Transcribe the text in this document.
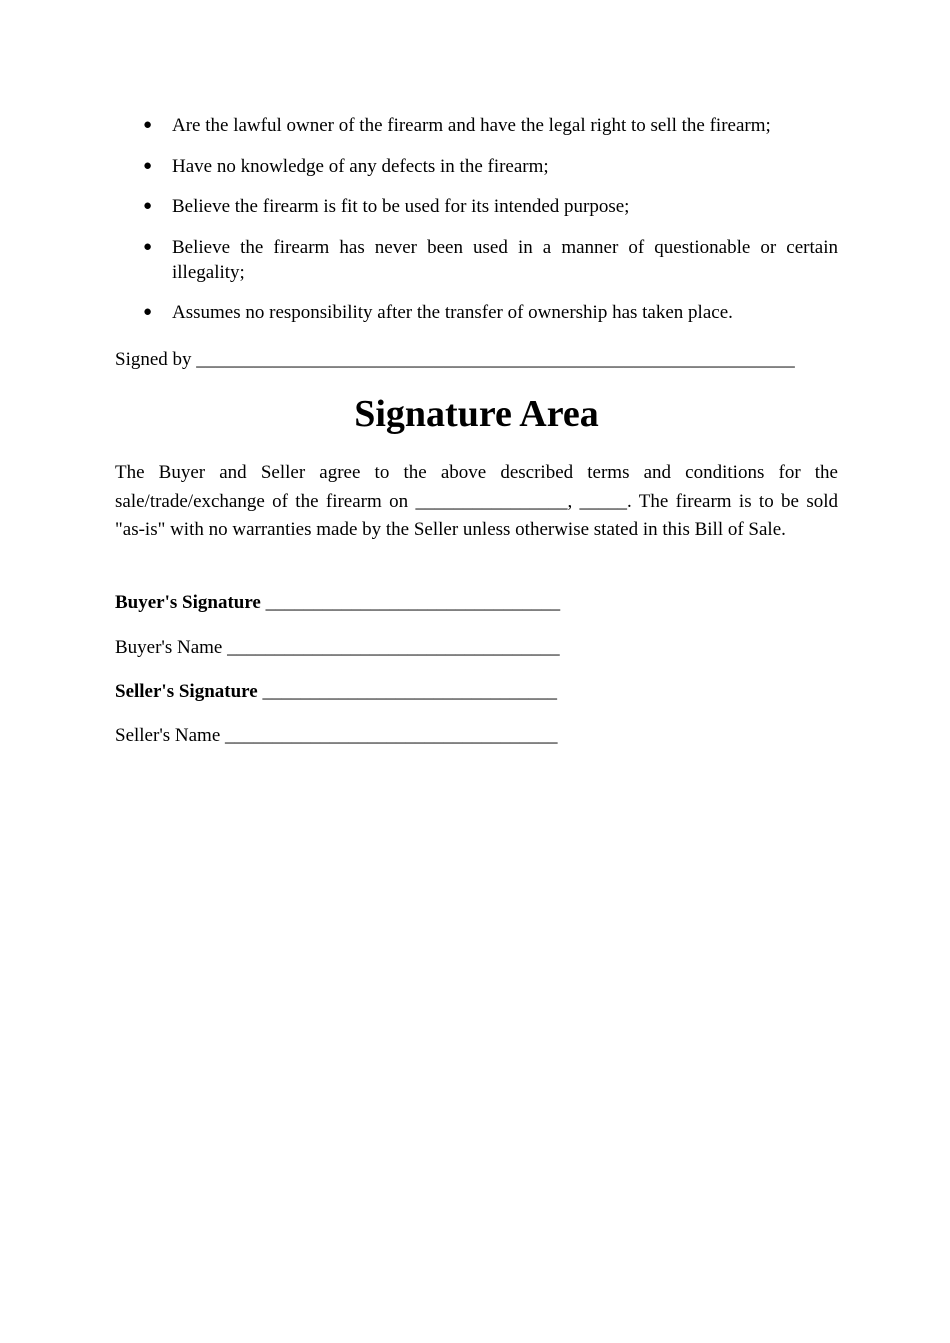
● Are the lawful owner of the firearm and have the legal right to sell the firearm;
● Have no knowledge of any defects in the firearm;
● Believe the firearm is fit to be used for its intended purpose;
● Believe the firearm has never been used in a manner of questionable or certain illegality;
● Assumes no responsibility after the transfer of ownership has taken place.
Signed by _______________________________________________________________
Signature Area

The Buyer and Seller agree to the above described terms and conditions for the sale/trade/exchange of the firearm on ________________, _____. The firearm is to be sold "as-is" with no warranties made by the Seller unless otherwise stated in this Bill of Sale.

Buyer's Signature _______________________________
Buyer's Name ___________________________________
Seller's Signature _______________________________
Seller's Name ___________________________________
